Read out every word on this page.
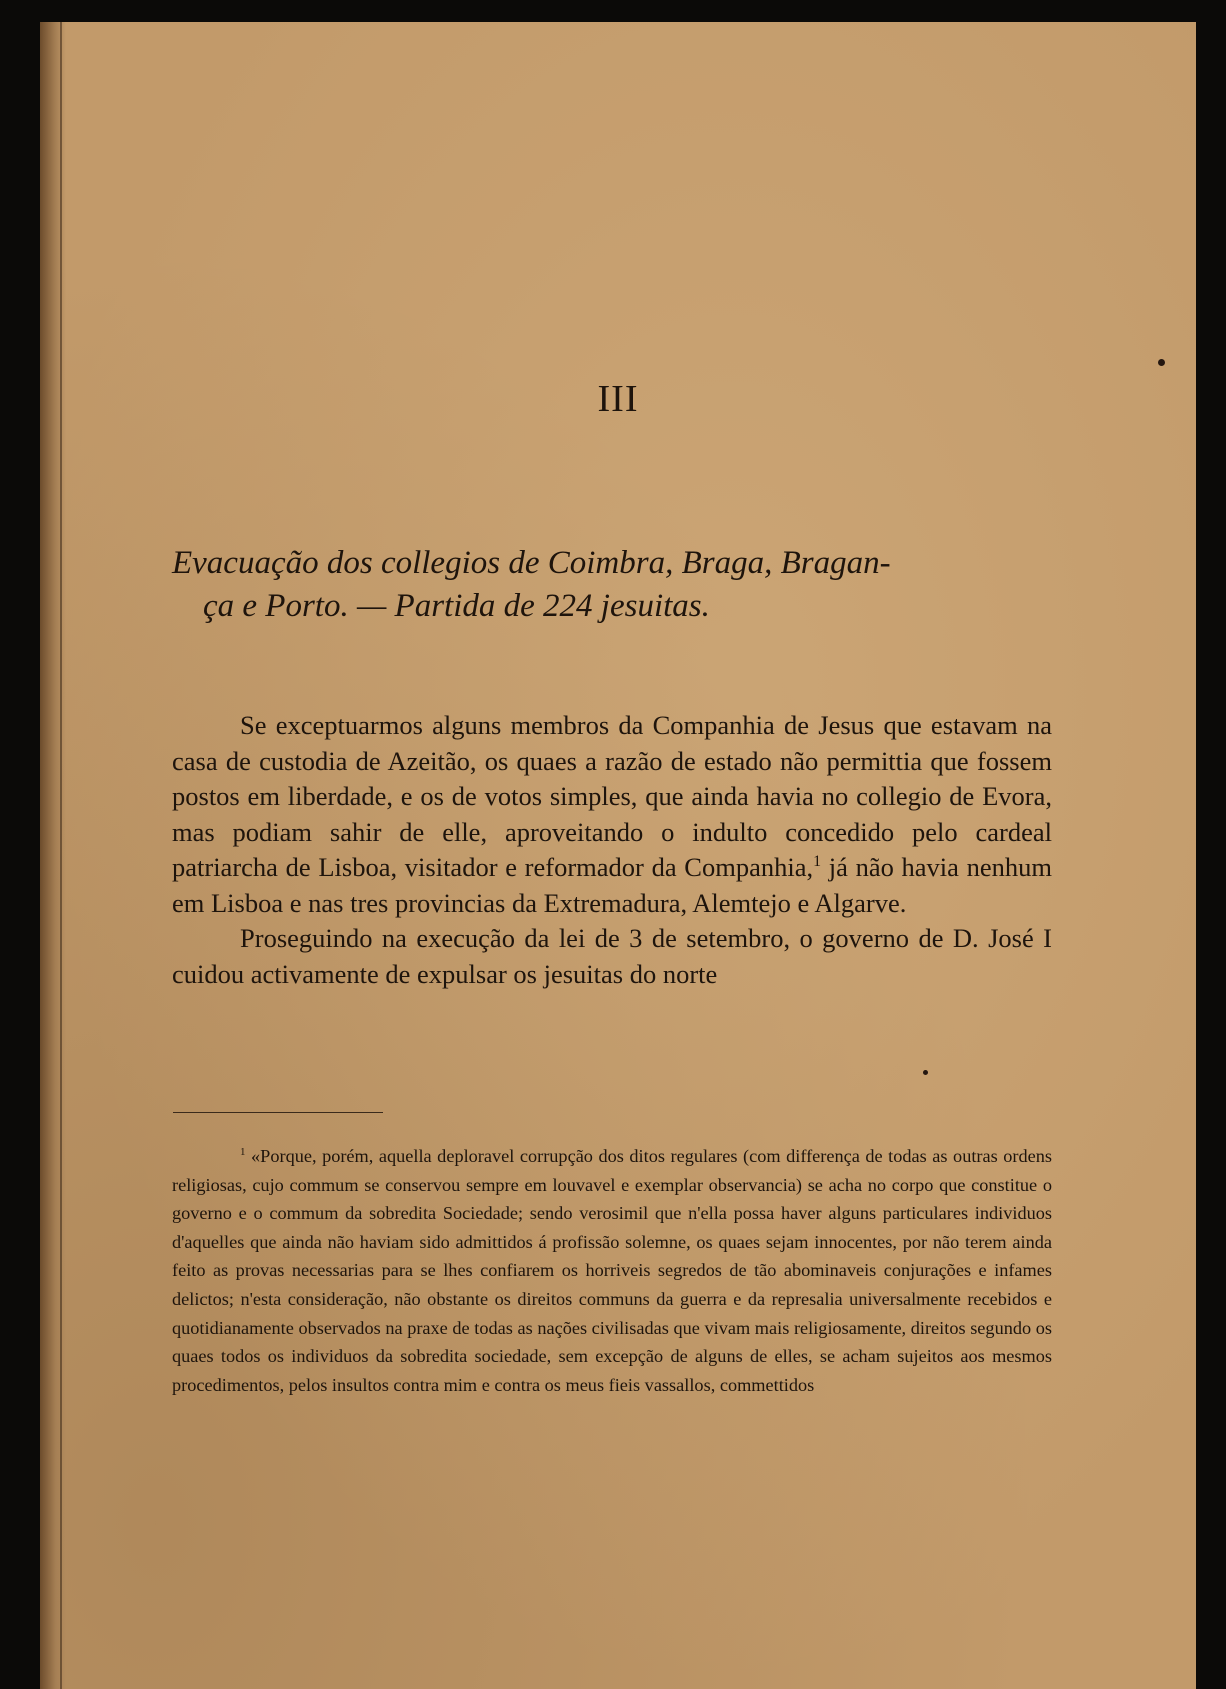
III
Evacuação dos collegios de Coimbra, Braga, Bragan-
ça e Porto. — Partida de 224 jesuitas.

Se exceptuarmos alguns membros da Companhia de Jesus que estavam na casa de custodia de Azeitão, os quaes a razão de estado não permittia que fossem postos em liberdade, e os de votos simples, que ainda havia no collegio de Evora, mas podiam sahir de elle, aproveitando o indulto concedido pelo cardeal patriarcha de Lisboa, visitador e reformador da Companhia,$^1$ já não havia nenhum em Lisboa e nas tres provincias da Extremadura, Alemtejo e Algarve.

Proseguindo na execução da lei de 3 de setembro, o governo de D. José I cuidou activamente de expulsar os jesuitas do norte

$^1$ «Porque, porém, aquella deploravel corrupção dos ditos regulares (com differença de todas as outras ordens religiosas, cujo commum se conservou sempre em louvavel e exemplar observancia) se acha no corpo que constitue o governo e o commum da sobredita Sociedade; sendo verosimil que n'ella possa haver alguns particulares individuos d'aquelles que ainda não haviam sido admittidos á profissão solemne, os quaes sejam innocentes, por não terem ainda feito as provas necessarias para se lhes confiarem os horriveis segredos de tão abominaveis conjurações e infames delictos; n'esta consideração, não obstante os direitos communs da guerra e da represalia universalmente recebidos e quotidianamente observados na praxe de todas as nações civilisadas que vivam mais religiosamente, direitos segundo os quaes todos os individuos da sobredita sociedade, sem excepção de alguns de elles, se acham sujeitos aos mesmos procedimentos, pelos insultos contra mim e contra os meus fieis vassallos, commettidos
